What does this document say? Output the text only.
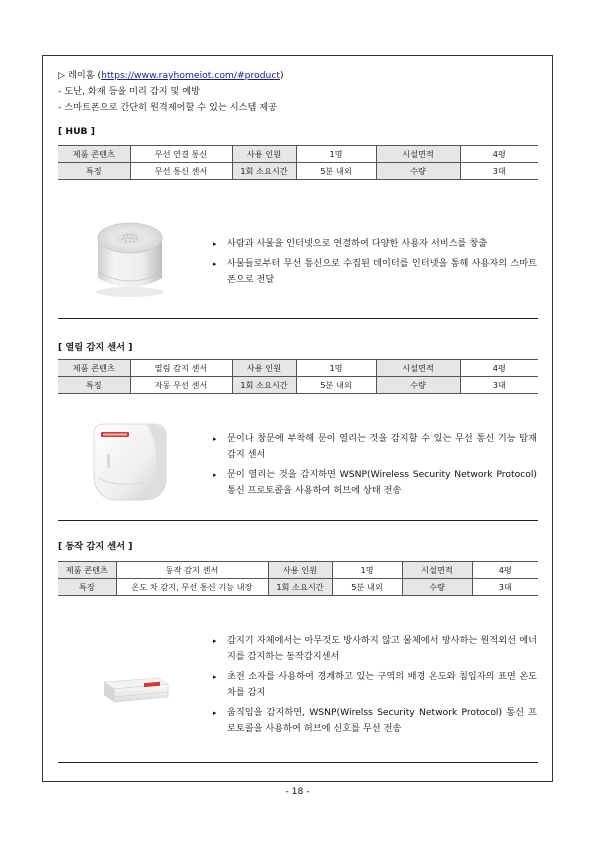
▷ 레이홈 (https://www.rayhomeiot.com/#product)
- 도난, 화재 등을 미리 감지 및 예방
- 스마트폰으로 간단히 원격제어할 수 있는 시스템 제공
[ HUB ]
제품 콘텐츠	무선 연결 통신	사용 인원	1명	시설면적	4평
특징	무선 통신 센서	1회 소요시간	5분 내외	수량	3대
▸ 사람과 사물을 인터넷으로 연결하여 다양한 사용자 서비스를 창출
▸ 사물들로부터 무선 통신으로 수집된 데이터를 인터넷을 통해 사용자의 스마트폰으로 전달
[ 열림 감지 센서 ]
제품 콘텐츠	열림 감지 센서	사용 인원	1명	시설면적	4평
특징	자동 무선 센서	1회 소요시간	5분 내외	수량	3대
▸ 문이나 창문에 부착해 문이 열리는 것을 감지할 수 있는 무선 통신 기능 탑재 감지 센서
▸ 문이 열리는 것을 감지하면 WSNP(Wireless Security Network Protocol) 통신 프로토콜을 사용하여 허브에 상태 전송
[ 동작 감지 센서 ]
제품 콘텐츠	동작 감지 센서	사용 인원	1명	시설면적	4평
특징	온도 차 감지, 무선 통신 기능 내장	1회 소요시간	5분 내외	수량	3대
▸ 감지기 자체에서는 아무것도 방사하지 않고 물체에서 방사하는 원적외선 에너지를 감지하는 동작감지센서
▸ 초전 소자를 사용하여 경계하고 있는 구역의 배경 온도와 침입자의 표면 온도 차를 감지
▸ 움직임을 감지하면, WSNP(Wirelss Security Network Protocol) 통신 프로토콜을 사용하여 허브에 신호를 무선 전송
- 18 -
